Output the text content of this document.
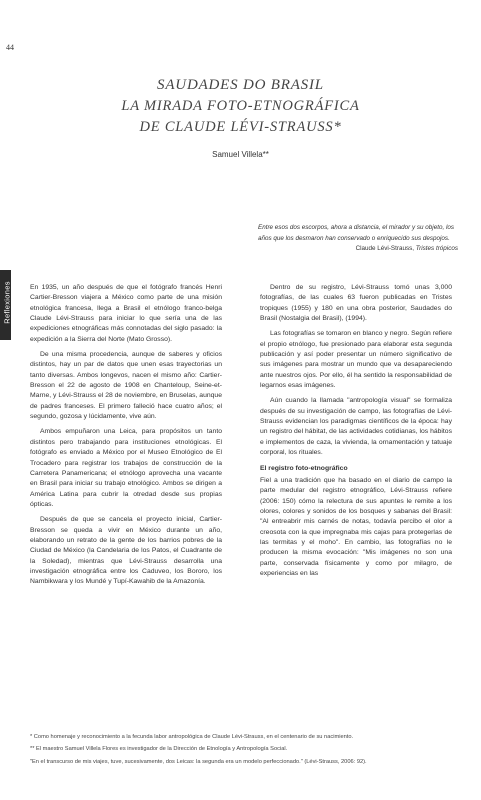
44
Reflexiones
SAUDADES DO BRASIL
LA MIRADA FOTO-ETNOGRÁFICA
DE CLAUDE LÉVI-STRAUSS*
Samuel Villela**
Entre esos dos escorpos, ahora a distancia, el mirador y su objeto, los años que los desmaron han conservado o enriquecido sus despojos.
Claude Lévi-Strauss, Tristes trópicos

En 1935, un año después de que el fotógrafo francés Henri Cartier-Bresson viajera a México como parte de una misión etnológica francesa, llega a Brasil el etnólogo franco-belga Claude Lévi-Strauss para iniciar lo que sería una de las expediciones etnográficas más connotadas del siglo pasado: la expedición a la Sierra del Norte (Mato Grosso).

De una misma procedencia, aunque de saberes y oficios distintos, hay un par de datos que unen esas trayectorias un tanto diversas. Ambos longevos, nacen el mismo año: Cartier-Bresson el 22 de agosto de 1908 en Chanteloup, Seine-et-Marne, y Lévi-Strauss el 28 de noviembre, en Bruselas, aunque de padres franceses. El primero falleció hace cuatro años; el segundo, gozosa y lúcidamente, vive aún.

Ambos empuñaron una Leica, para propósitos un tanto distintos pero trabajando para instituciones etnológicas. El fotógrafo es enviado a México por el Museo Etnológico de El Trocadero para registrar los trabajos de construcción de la Carretera Panamericana; el etnólogo aprovecha una vacante en Brasil para iniciar su trabajo etnológico. Ambos se dirigen a América Latina para cubrir la otredad desde sus propias ópticas.

Después de que se cancela el proyecto inicial, Cartier-Bresson se queda a vivir en México durante un año, elaborando un retrato de la gente de los barrios pobres de la Ciudad de México (la Candelaria de los Patos, el Cuadrante de la Soledad), mientras que Lévi-Strauss desarrolla una investigación etnográfica entre los Caduveo, los Bororo, los Nambikwara y los Mundé y Tupí-Kawahib de la Amazonía.

Dentro de su registro, Lévi-Strauss tomó unas 3,000 fotografías, de las cuales 63 fueron publicadas en Tristes tropiques (1955) y 180 en una obra posterior, Saudades do Brasil (Nostalgia del Brasil), (1994).

Las fotografías se tomaron en blanco y negro. Según refiere el propio etnólogo, fue presionado para elaborar esta segunda publicación y así poder presentar un número significativo de sus imágenes para mostrar un mundo que va desapareciendo ante nuestros ojos. Por ello, él ha sentido la responsabilidad de legarnos esas imágenes.

Aún cuando la llamada "antropología visual" se formaliza después de su investigación de campo, las fotografías de Lévi-Strauss evidencian los paradigmas científicos de la época: hay un registro del hábitat, de las actividades cotidianas, los hábitos e implementos de caza, la vivienda, la ornamentación y tatuaje corporal, los rituales.

El registro foto-etnográfico

Fiel a una tradición que ha basado en el diario de campo la parte medular del registro etnográfico, Lévi-Strauss refiere (2006: 150) cómo la relectura de sus apuntes le remite a los olores, colores y sonidos de los bosques y sabanas del Brasil: "Al entreabrir mis carnés de notas, todavía percibo el olor a creosota con la que impregnaba mis cajas para protegerlas de las termitas y el moho". En cambio, las fotografías no le producen la misma evocación: "Mis imágenes no son una parte, conservada físicamente y como por milagro, de experiencias en las

* Como homenaje y reconocimiento a la fecunda labor antropológica de Claude Lévi-Strauss, en el centenario de su nacimiento.
** El maestro Samuel Villela Flores es investigador de la Dirección de Etnología y Antropología Social.
"En el transcurso de mis viajes, tuve, sucesivamente, dos Leicas: la segunda era un modelo perfeccionado." (Lévi-Strauss, 2006: 92).
